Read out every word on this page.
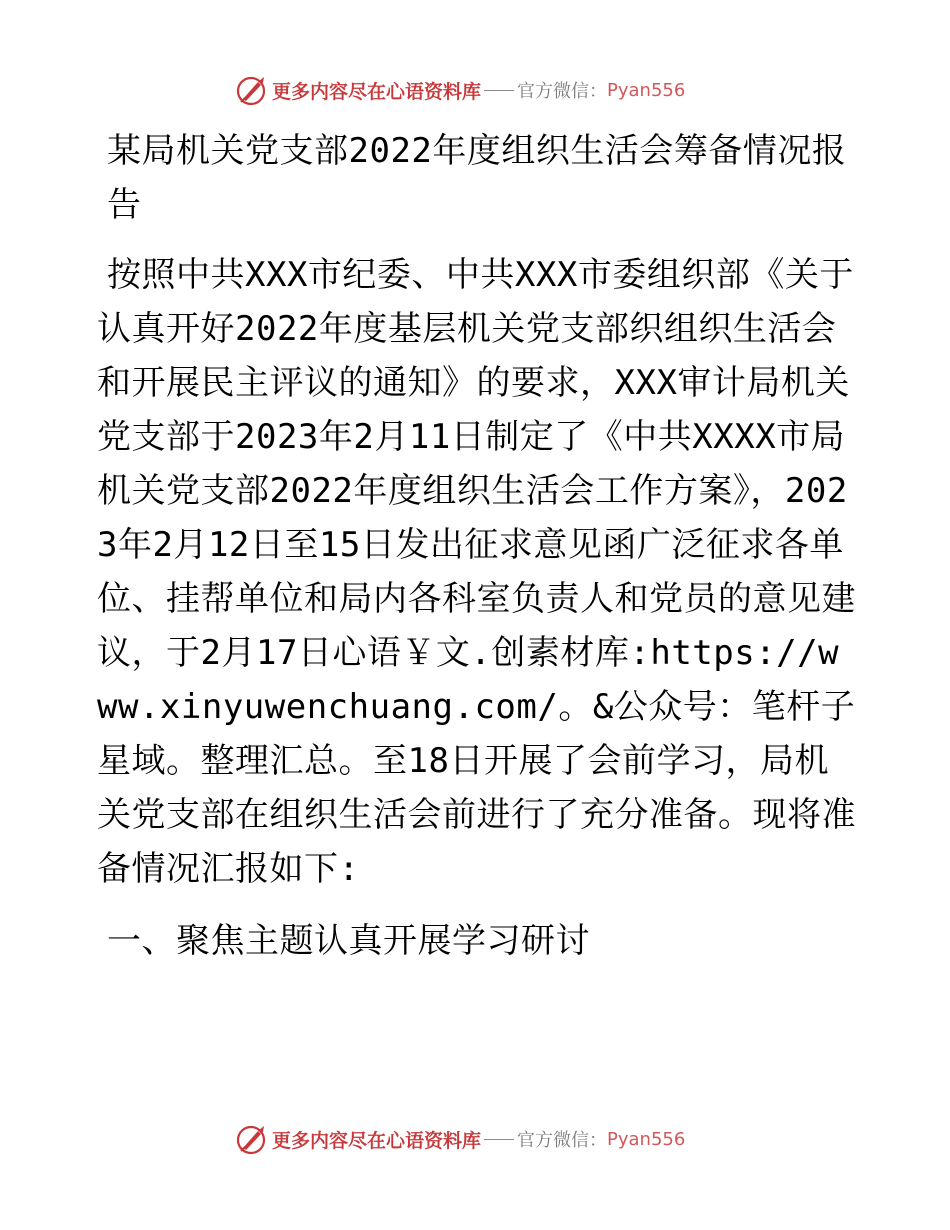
更多内容尽在心语资料库 官方微信： Pyan556
某局机关党支部2022年度组织生活会筹备情况报告

按照中共XXX市纪委、中共XXX市委组织部《关于认真开好2022年度基层机关党支部织组织生活会和开展民主评议的通知》的要求，XXX审计局机关党支部于2023年2月11日制定了《中共XXXX市局机关党支部2022年度组织生活会工作方案》，2023年2月12日至15日发出征求意见函广泛征求各单位、挂帮单位和局内各科室负责人和党员的意见建议，于2月17日心语￥文.创素材库:https://www.xinyuwenchuang.com/。&公众号：笔杆子星域。整理汇总。至18日开展了会前学习，局机关党支部在组织生活会前进行了充分准备。现将准备情况汇报如下:

一、聚焦主题认真开展学习研讨
更多内容尽在心语资料库 官方微信： Pyan556
